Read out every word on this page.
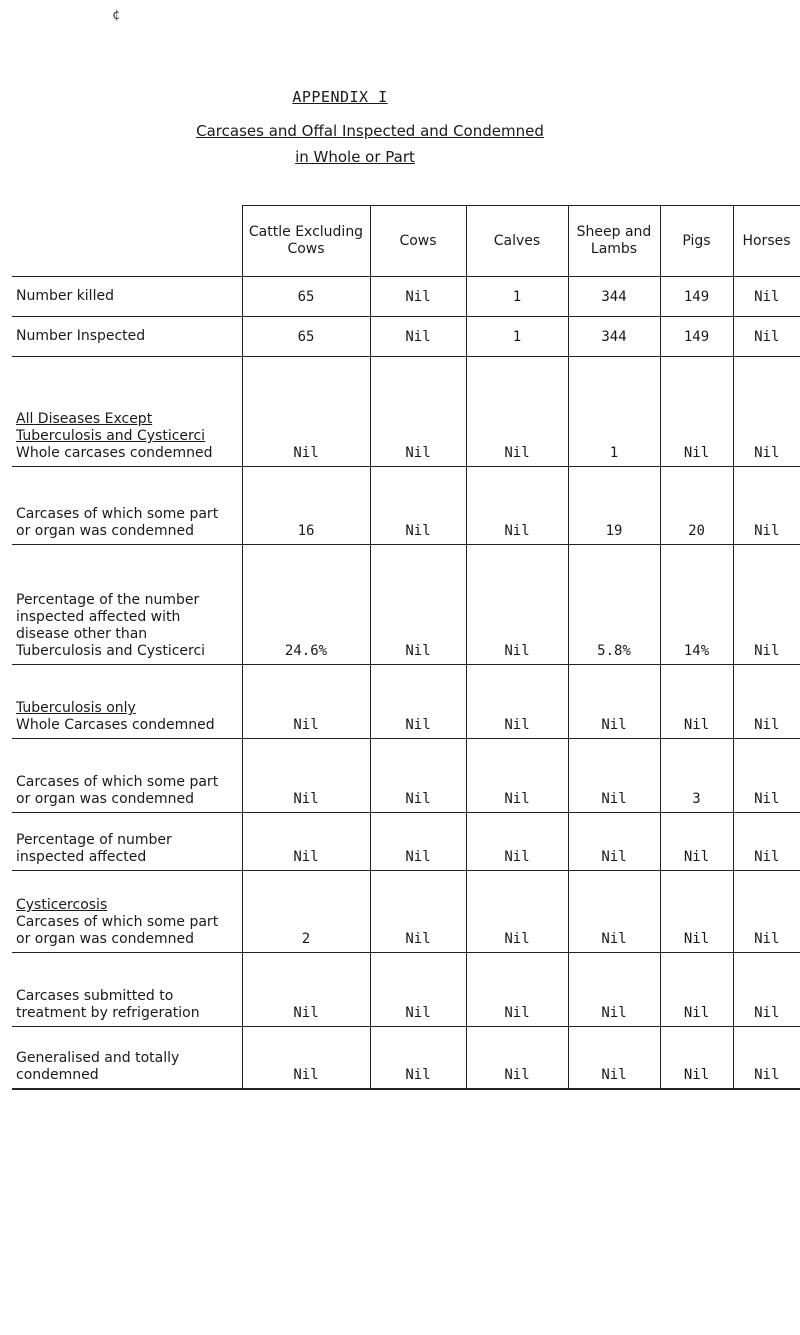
¢
APPENDIX I
Carcases and Offal Inspected and Condemned
in Whole or Part
	Cattle Excluding Cows	Cows	Calves	Sheep and Lambs	Pigs	Horses

Number killed	65	Nil	1	344	149	Nil

Number Inspected	65	Nil	1	344	149	Nil

All Diseases Except Tuberculosis and Cysticerci
Whole carcases condemned	Nil	Nil	Nil	1	Nil	Nil

Carcases of which some part or organ was condemned	16	Nil	Nil	19	20	Nil

Percentage of the number inspected affected with disease other than Tuberculosis and Cysticerci	24.6%	Nil	Nil	5.8%	14%	Nil

Tuberculosis only
Whole Carcases condemned	Nil	Nil	Nil	Nil	Nil	Nil

Carcases of which some part or organ was condemned	Nil	Nil	Nil	Nil	3	Nil

Percentage of number inspected affected	Nil	Nil	Nil	Nil	Nil	Nil

Cysticercosis
Carcases of which some part or organ was condemned	2	Nil	Nil	Nil	Nil	Nil

Carcases submitted to treatment by refrigeration	Nil	Nil	Nil	Nil	Nil	Nil

Generalised and totally condemned	Nil	Nil	Nil	Nil	Nil	Nil
